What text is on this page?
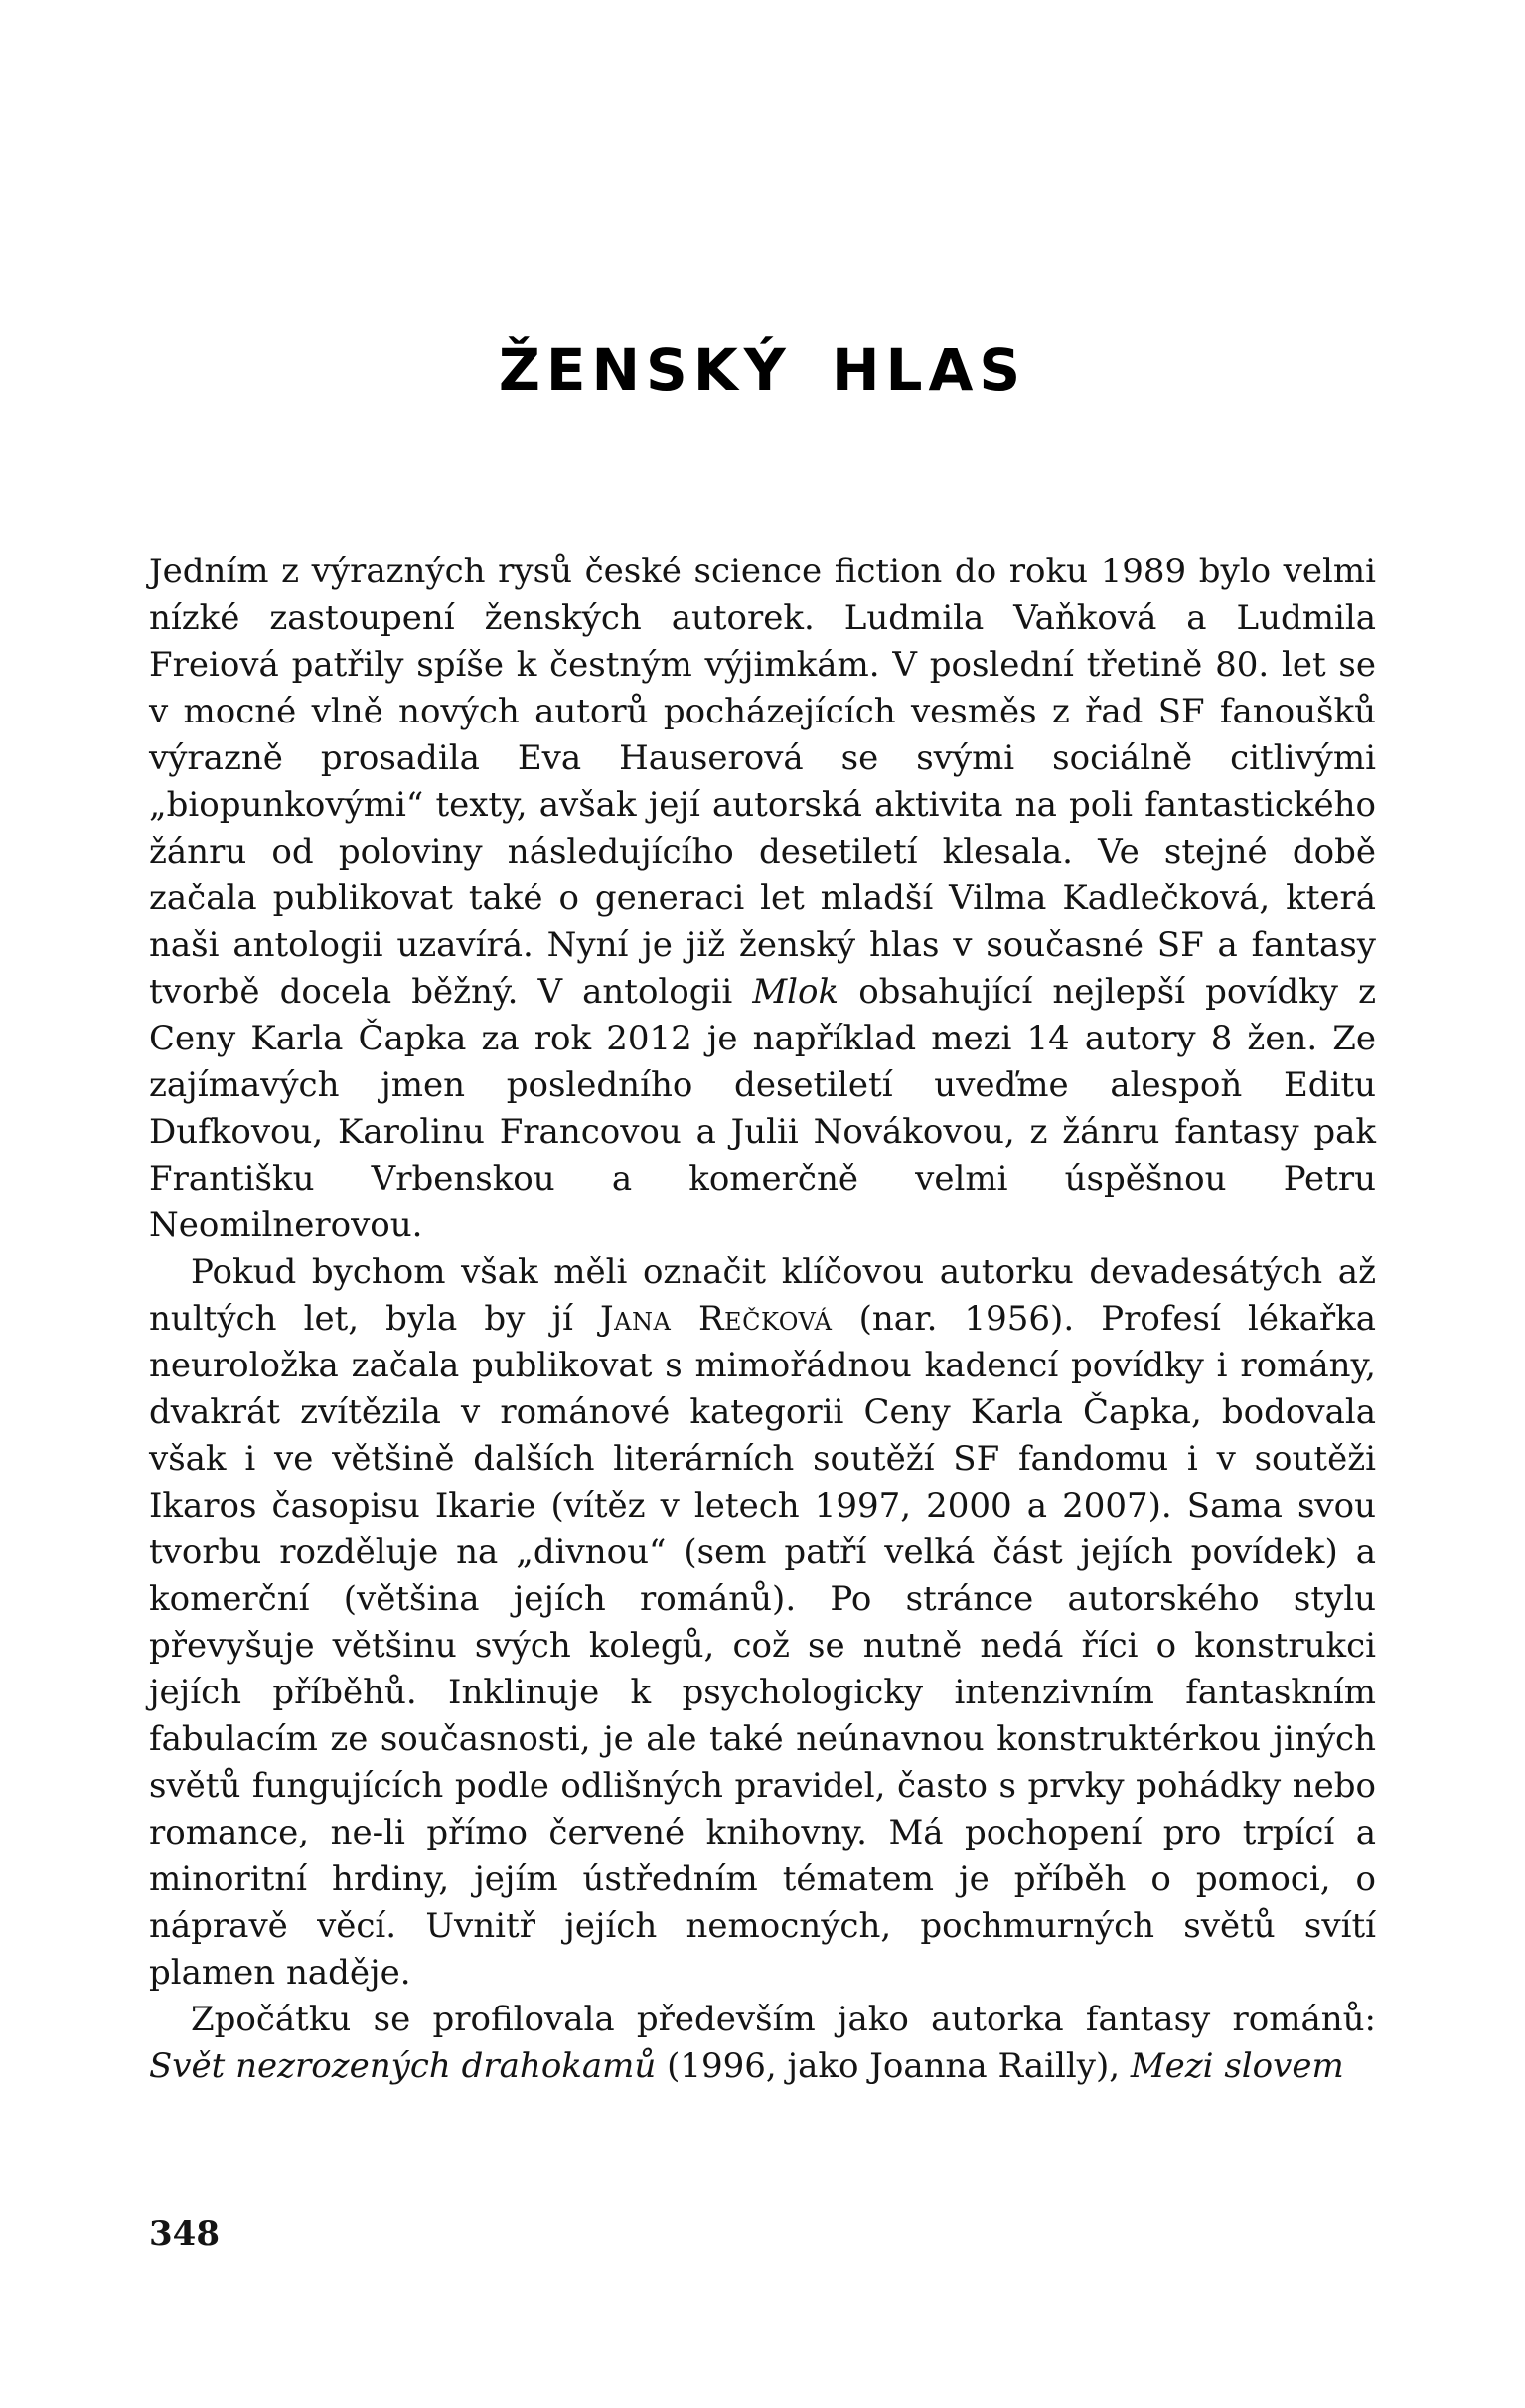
ŽENSKÝ HLAS

Jedním z výrazných rysů české science fiction do roku 1989 bylo velmi nízké zastoupení ženských autorek. Ludmila Vaňková a Ludmila Freiová patřily spíše k čestným výjimkám. V poslední třetině 80. let se v mocné vlně nových autorů pocházejících vesměs z řad SF fanoušků výrazně prosadila Eva Hauserová se svými sociálně citlivými „biopunkovými“ texty, avšak její autorská aktivita na poli fantastického žánru od poloviny následujícího desetiletí klesala. Ve stejné době začala publikovat také o generaci let mladší Vilma Kadlečková, která naši antologii uzavírá. Nyní je již ženský hlas v současné SF a fantasy tvorbě docela běžný. V antologii Mlok obsahující nejlepší povídky z Ceny Karla Čapka za rok 2012 je například mezi 14 autory 8 žen. Ze zajímavých jmen posledního desetiletí uveďme alespoň Editu Dufkovou, Karolinu Francovou a Julii Novákovou, z žánru fantasy pak Františku Vrbenskou a komerčně velmi úspěšnou Petru Neomilnerovou.

Pokud bychom však měli označit klíčovou autorku devadesátých až nultých let, byla by jí Jana Rečková (nar. 1956). Profesí lékařka neuroložka začala publikovat s mimořádnou kadencí povídky i romány, dvakrát zvítězila v románové kategorii Ceny Karla Čapka, bodovala však i ve většině dalších literárních soutěží SF fandomu i v soutěži Ikaros časopisu Ikarie (vítěz v letech 1997, 2000 a 2007). Sama svou tvorbu rozděluje na „divnou“ (sem patří velká část jejích povídek) a komerční (většina jejích románů). Po stránce autorského stylu převyšuje většinu svých kolegů, což se nutně nedá říci o konstrukci jejích příběhů. Inklinuje k psychologicky intenzivním fantaskním fabulacím ze současnosti, je ale také neúnavnou konstruktérkou jiných světů fungujících podle odlišných pravidel, často s prvky pohádky nebo romance, ne-li přímo červené knihovny. Má pochopení pro trpící a minoritní hrdiny, jejím ústředním tématem je příběh o pomoci, o nápravě věcí. Uvnitř jejích nemocných, pochmurných světů svítí plamen naděje.

Zpočátku se profilovala především jako autorka fantasy románů: Svět nezrozených drahokamů (1996, jako Joanna Railly), Mezi slovem

348
